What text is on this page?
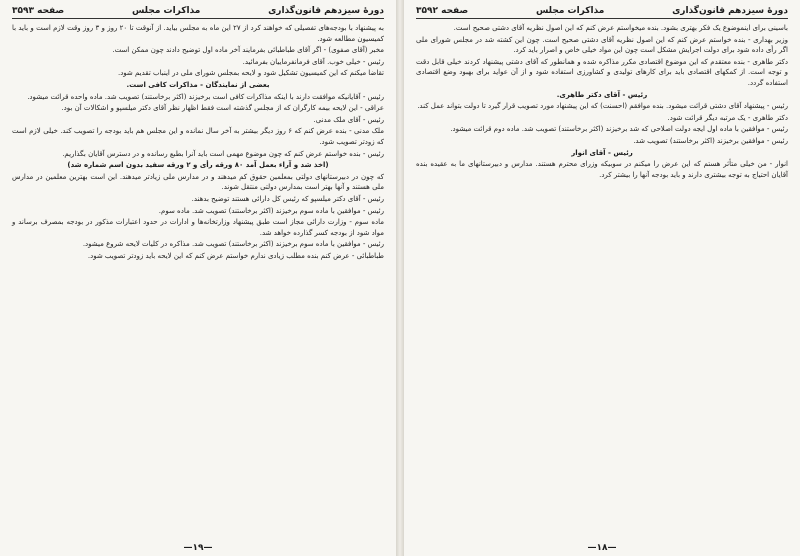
دورهٔ سیزدهم قانون‌گذاری
مذاکرات مجلس
صفحه ۳۵۹۳

به پیشنهاد با بودجه‌های تفصیلی که خواهند کرد از ۲۷ این ماه به مجلس بیاید. از آنوقت تا ۲۰ روز و ۳ روز وقت لازم است و باید با کمیسیون مطالعه شود.

مخبر (آقای صفوی) - اگر آقای طباطبائی بفرمایند آخر ماده اول توضیح دادند چون ممکن است.

رئیس - خیلی خوب. آقای فرمانفرماییان بفرمائید.

تقاضا میکنم که این کمیسیون تشکیل شود و لایحه بمجلس شورای ملی در اینباب تقدیم شود.

بعضی از نمایندگان - مذاکرات کافی است.

رئیس - آقایانیکه موافقت دارند با اینکه مذاکرات کافی است برخیزند (اکثر برخاستند) تصویب شد. ماده واحده قرائت میشود.

عراقی - این لایحه بیمه کارگران که از مجلس گذشته است فقط اظهار نظر آقای دکتر میلسپو و اشکالات آن بود.

رئیس - آقای ملک مدنی.

ملک مدنی - بنده عرض کنم که ۶ روز دیگر بیشتر به آخر سال نمانده و این مجلس هم باید بودجه را تصویب کند. خیلی لازم است که زودتر تصویب شود.

رئیس - بنده خواستم عرض کنم که چون موضوع مهمی است باید آنرا بطبع رسانده و در دسترس آقایان بگذاریم.

(اخذ شد و آراء بعمل آمد ۸۰ ورقه رأی و ۲ ورقه سفید بدون اسم شماره شد)

که چون در دبیرستانهای دولتی بمعلمین حقوق کم میدهند و در مدارس ملی زیادتر میدهند. این است بهترین معلمین در مدارس ملی هستند و آنها بهتر است بمدارس دولتی منتقل شوند.

رئیس - آقای دکتر میلسپو که رئیس کل دارائی هستند توضیح بدهند.

رئیس - موافقین با ماده سوم برخیزند (اکثر برخاستند) تصویب شد. ماده سوم.

ماده سوم - وزارت دارائی مجاز است طبق پیشنهاد وزارتخانه‌ها و ادارات در حدود اعتبارات مذکور در بودجه بمصرف برساند و مواد شود از بودجه کسر گذارده خواهد شد.

رئیس - موافقین با ماده سوم برخیزند (اکثر برخاستند) تصویب شد. مذاکره در کلیات لایحه شروع میشود.

طباطبائی - عرض کنم بنده مطلب زیادی ندارم خواستم عرض کنم که این لایحه باید زودتر تصویب شود.

—۱۹—
دورهٔ سیزدهم قانون‌گذاری
مذاکرات مجلس
صفحه ۳۵۹۲

باسینی برای اینموضوع یک فکر بهتری بشود. بنده میخواستم عرض کنم که این اصول نظریه آقای دشتی صحیح است.

وزیر بهداری - بنده خواستم عرض کنم که این اصول نظریه آقای دشتی صحیح است. چون این کشته شد در مجلس شورای ملی اگر رأی داده شود برای دولت اجرایش مشکل است چون این مواد خیلی خاص و اصرار باید کرد.

دکتر طاهری - بنده معتقدم که این موضوع اقتصادی مکرر مذاکره شده و همانطور که آقای دشتی پیشنهاد کردند خیلی قابل دقت و توجه است. از کمکهای اقتصادی باید برای کارهای تولیدی و کشاورزی استفاده شود و از آن عواید برای بهبود وضع اقتصادی استفاده گردد.

رئیس - آقای دکتر طاهری.

رئیس - پیشنهاد آقای دشتی قرائت میشود. بنده موافقم (احسنت) که این پیشنهاد مورد تصویب قرار گیرد تا دولت بتواند عمل کند.

دکتر طاهری - یک مرتبه دیگر قرائت شود.

رئیس - موافقین با ماده اول ایجه دولت اصلاحی که شد برخیزند (اکثر برخاستند) تصویب شد. ماده دوم قرائت میشود.

رئیس - موافقین برخیزند (اکثر برخاستند) تصویب شد.

رئیس - آقای انوار

انوار - من خیلی متأثر هستم که این عرض را میکنم در سوبیکه وزرای محترم هستند. مدارس و دبیرستانهای ما به عقیده بنده آقایان احتیاج به توجه بیشتری دارند و باید بودجه آنها را بیشتر کرد.

—۱۸—
